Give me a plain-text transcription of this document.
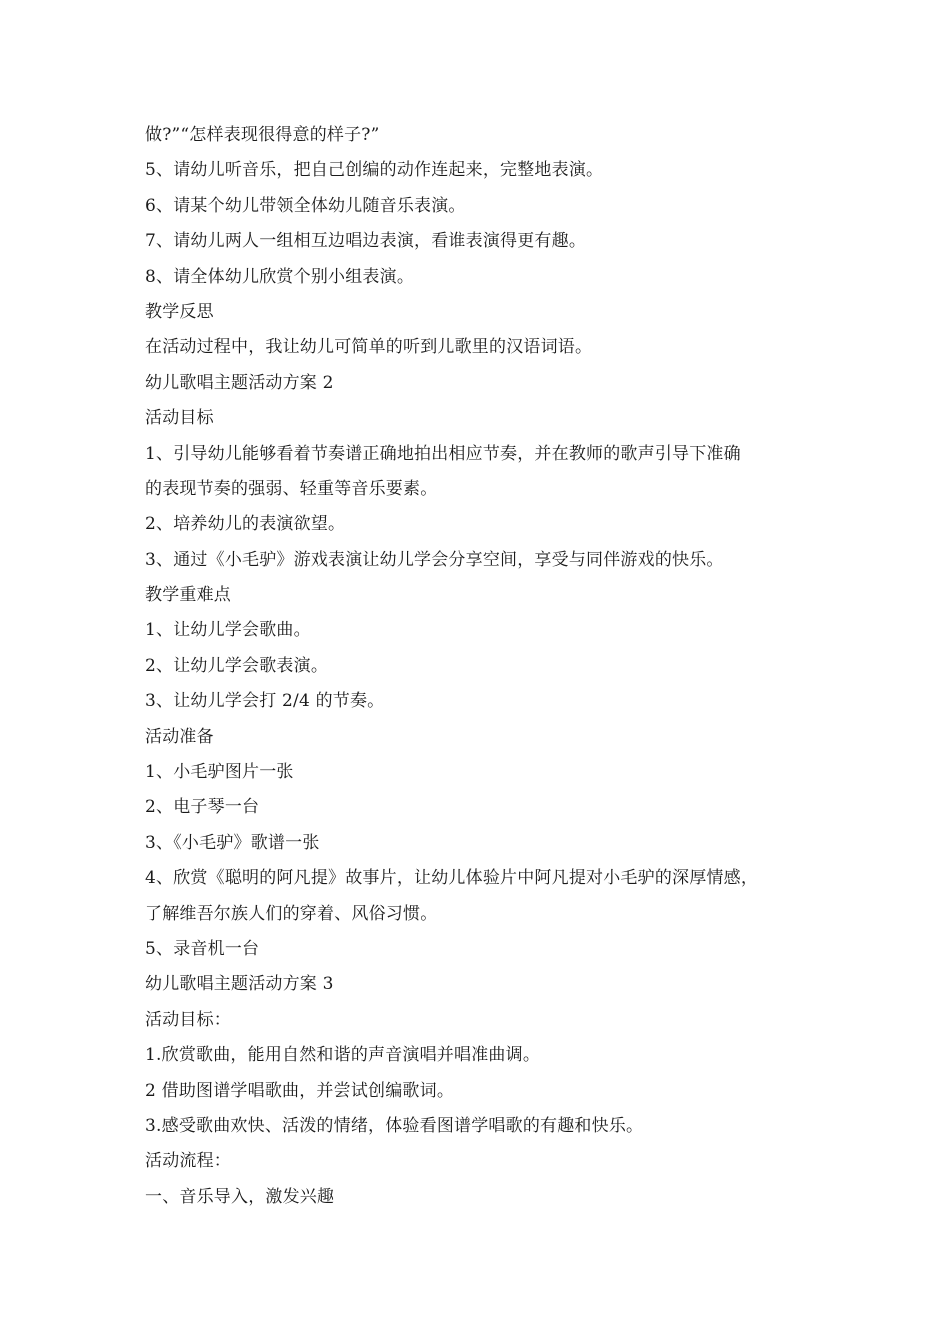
做?”“怎样表现很得意的样子?”
5、请幼儿听音乐，把自己创编的动作连起来，完整地表演。
6、请某个幼儿带领全体幼儿随音乐表演。
7、请幼儿两人一组相互边唱边表演，看谁表演得更有趣。
8、请全体幼儿欣赏个别小组表演。
教学反思
在活动过程中，我让幼儿可简单的听到儿歌里的汉语词语。
幼儿歌唱主题活动方案 2
活动目标
1、引导幼儿能够看着节奏谱正确地拍出相应节奏，并在教师的歌声引导下准确
的表现节奏的强弱、轻重等音乐要素。
2、培养幼儿的表演欲望。
3、通过《小毛驴》游戏表演让幼儿学会分享空间，享受与同伴游戏的快乐。
教学重难点
1、让幼儿学会歌曲。
2、让幼儿学会歌表演。
3、让幼儿学会打 2/4 的节奏。
活动准备
1、小毛驴图片一张
2、电子琴一台
3、《小毛驴》歌谱一张
4、欣赏《聪明的阿凡提》故事片，让幼儿体验片中阿凡提对小毛驴的深厚情感，
了解维吾尔族人们的穿着、风俗习惯。
5、录音机一台
幼儿歌唱主题活动方案 3
活动目标：
1.欣赏歌曲，能用自然和谐的声音演唱并唱准曲调。
2 借助图谱学唱歌曲，并尝试创编歌词。
3.感受歌曲欢快、活泼的情绪，体验看图谱学唱歌的有趣和快乐。
活动流程：
一、音乐导入，激发兴趣
